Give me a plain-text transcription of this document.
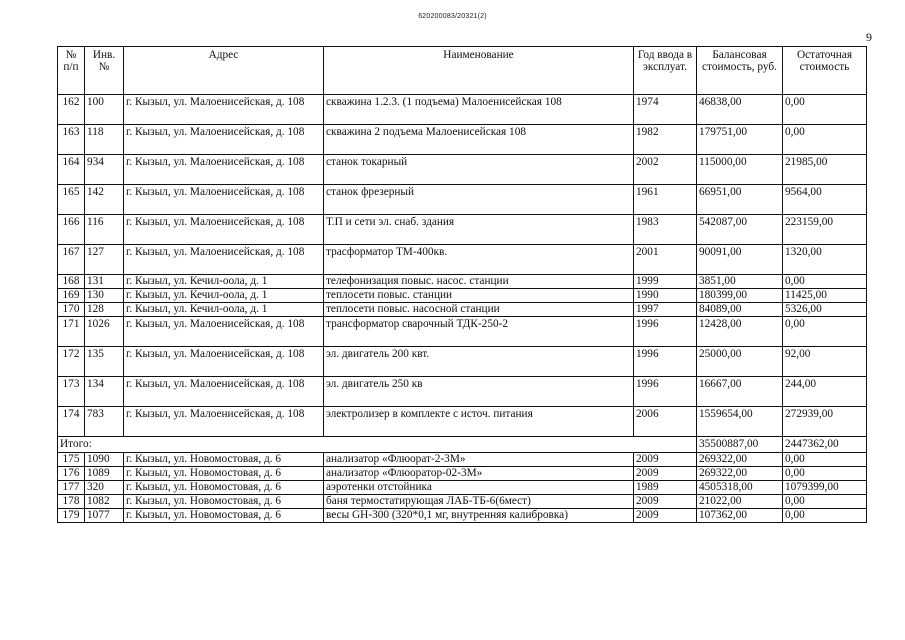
620200083/20321(2)
9
№ п/п	Инв. №	Адрес	Наименование	Год ввода в эксплуат.	Балансовая стоимость, руб.	Остаточная стоимость
162	100	г. Кызыл, ул. Малоенисейская, д. 108	скважина 1.2.3. (1 подъема) Малоенисейская 108	1974	46838,00	0,00
163	118	г. Кызыл, ул. Малоенисейская, д. 108	скважина 2 подъема Малоенисейская 108	1982	179751,00	0,00
164	934	г. Кызыл, ул. Малоенисейская, д. 108	станок токарный	2002	115000,00	21985,00
165	142	г. Кызыл, ул. Малоенисейская, д. 108	станок фрезерный	1961	66951,00	9564,00
166	116	г. Кызыл, ул. Малоенисейская, д. 108	Т.П и сети эл. снаб. здания	1983	542087,00	223159,00
167	127	г. Кызыл, ул. Малоенисейская, д. 108	трасформатор ТМ-400кв.	2001	90091,00	1320,00
168	131	г. Кызыл, ул. Кечил-оола, д. 1	телефонизация повыс. насос. станции	1999	3851,00	0,00
169	130	г. Кызыл, ул. Кечил-оола, д. 1	теплосети повыс. станции	1990	180399,00	11425,00
170	128	г. Кызыл, ул. Кечил-оола, д. 1	теплосети повыс. насосной станции	1997	84089,00	5326,00
171	1026	г. Кызыл, ул. Малоенисейская, д. 108	трансформатор сварочный ТДК-250-2	1996	12428,00	0,00
172	135	г. Кызыл, ул. Малоенисейская, д. 108	эл. двигатель 200 квт.	1996	25000,00	92,00
173	134	г. Кызыл, ул. Малоенисейская, д. 108	эл. двигатель 250 кв	1996	16667,00	244,00
174	783	г. Кызыл, ул. Малоенисейская, д. 108	электролизер в комплекте с источ. питания	2006	1559654,00	272939,00
Итого:					35500887,00	2447362,00
175	1090	г. Кызыл, ул. Новомостовая, д. 6	анализатор «Флюорат-2-3М»	2009	269322,00	0,00
176	1089	г. Кызыл, ул. Новомостовая, д. 6	анализатор «Флюоратор-02-3М»	2009	269322,00	0,00
177	320	г. Кызыл, ул. Новомостовая, д. 6	аэротенки отстойника	1989	4505318,00	1079399,00
178	1082	г. Кызыл, ул. Новомостовая, д. 6	баня термостатирующая ЛАБ-ТБ-6(6мест)	2009	21022,00	0,00
179	1077	г. Кызыл, ул. Новомостовая, д. 6	весы GH-300 (320*0,1 мг, внутренняя калибровка)	2009	107362,00	0,00
